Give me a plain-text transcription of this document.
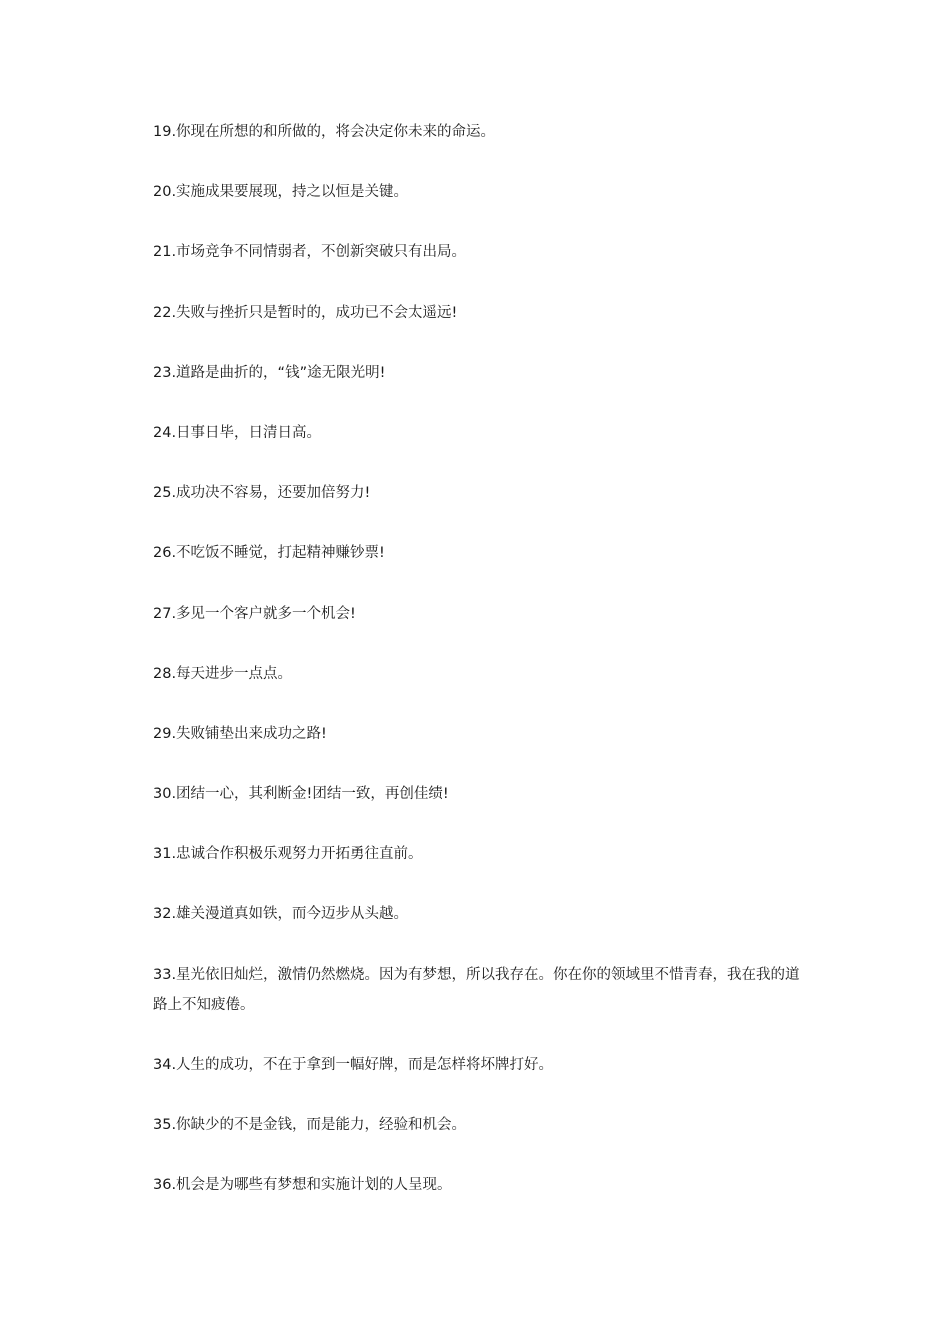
19.你现在所想的和所做的，将会决定你未来的命运。

20.实施成果要展现，持之以恒是关键。

21.市场竞争不同情弱者，不创新突破只有出局。

22.失败与挫折只是暂时的，成功已不会太遥远!

23.道路是曲折的，“钱”途无限光明!

24.日事日毕，日清日高。

25.成功决不容易，还要加倍努力!

26.不吃饭不睡觉，打起精神赚钞票!

27.多见一个客户就多一个机会!

28.每天进步一点点。

29.失败铺垫出来成功之路!

30.团结一心，其利断金!团结一致，再创佳绩!

31.忠诚合作积极乐观努力开拓勇往直前。

32.雄关漫道真如铁，而今迈步从头越。

33.星光依旧灿烂，激情仍然燃烧。因为有梦想，所以我存在。你在你的领域里不惜青春，我在我的道路上不知疲倦。

34.人生的成功，不在于拿到一幅好牌，而是怎样将坏牌打好。

35.你缺少的不是金钱，而是能力，经验和机会。

36.机会是为哪些有梦想和实施计划的人呈现。
